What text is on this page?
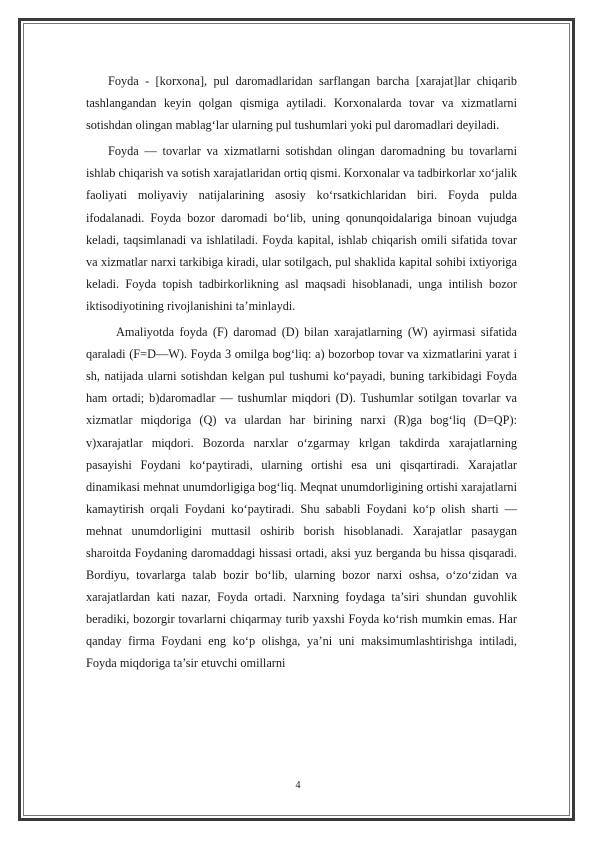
Foyda - [korxona], pul daromadlaridan sarflangan barcha [xarajat]lar chiqarib tashlangandan keyin qolgan qismiga aytiladi. Korxonalarda tovar va xizmatlarni sotishdan olingan mablag‘lar ularning pul tushumlari yoki pul daromadlari deyiladi.

Foyda — tovarlar va xizmatlarni sotishdan olingan daromadning bu tovarlarni ishlab chiqarish va sotish xarajatlaridan ortiq qismi. Korxonalar va tadbirkorlar xo‘jalik faoliyati moliyaviy natijalarining asosiy ko‘rsatkichlaridan biri. Foyda pulda ifodalanadi. Foyda bozor daromadi bo‘lib, uning qonunqoidalariga binoan vujudga keladi, taqsimlanadi va ishlatiladi. Foyda kapital, ishlab chiqarish omili sifatida tovar va xizmatlar narxi tarkibiga kiradi, ular sotilgach, pul shaklida kapital sohibi ixtiyoriga keladi. Foyda topish tadbirkorlikning asl maqsadi hisoblanadi, unga intilish bozor iktisodiyotining rivojlanishini ta’minlaydi.

Amaliyotda foyda (F) daromad (D) bilan xarajatlarning (W) ayirmasi sifatida qaraladi (F=D—W). Foyda 3 omilga bog‘liq: a) bozorbop tovar va xizmatlarini yarat i sh, natijada ularni sotishdan kelgan pul tushumi ko‘payadi, buning tarkibidagi Foyda ham ortadi; b)daromadlar — tushumlar miqdori (D). Tushumlar sotilgan tovarlar va xizmatlar miqdoriga (Q) va ulardan har birining narxi (R)ga bog‘liq (D=QP): v)xarajatlar miqdori. Bozorda narxlar o‘zgarmay krlgan takdirda xarajatlarning pasayishi Foydani ko‘paytiradi, ularning ortishi esa uni qisqartiradi. Xarajatlar dinamikasi mehnat unumdorligiga bog‘liq. Meqnat unumdorligining ortishi xarajatlarni kamaytirish orqali Foydani ko‘paytiradi. Shu sababli Foydani ko‘p olish sharti — mehnat unumdorligini muttasil oshirib borish hisoblanadi. Xarajatlar pasaygan sharoitda Foydaning daromaddagi hissasi ortadi, aksi yuz berganda bu hissa qisqaradi. Bordiyu, tovarlarga talab bozir bo‘lib, ularning bozor narxi oshsa, o‘zo‘zidan va xarajatlardan kati nazar, Foyda ortadi. Narxning foydaga ta’siri shundan guvohlik beradiki, bozorgir tovarlarni chiqarmay turib yaxshi Foyda ko‘rish mumkin emas. Har qanday firma Foydani eng ko‘p olishga, ya’ni uni maksimumlashtirishga intiladi, Foyda miqdoriga ta’sir etuvchi omillarni

4
